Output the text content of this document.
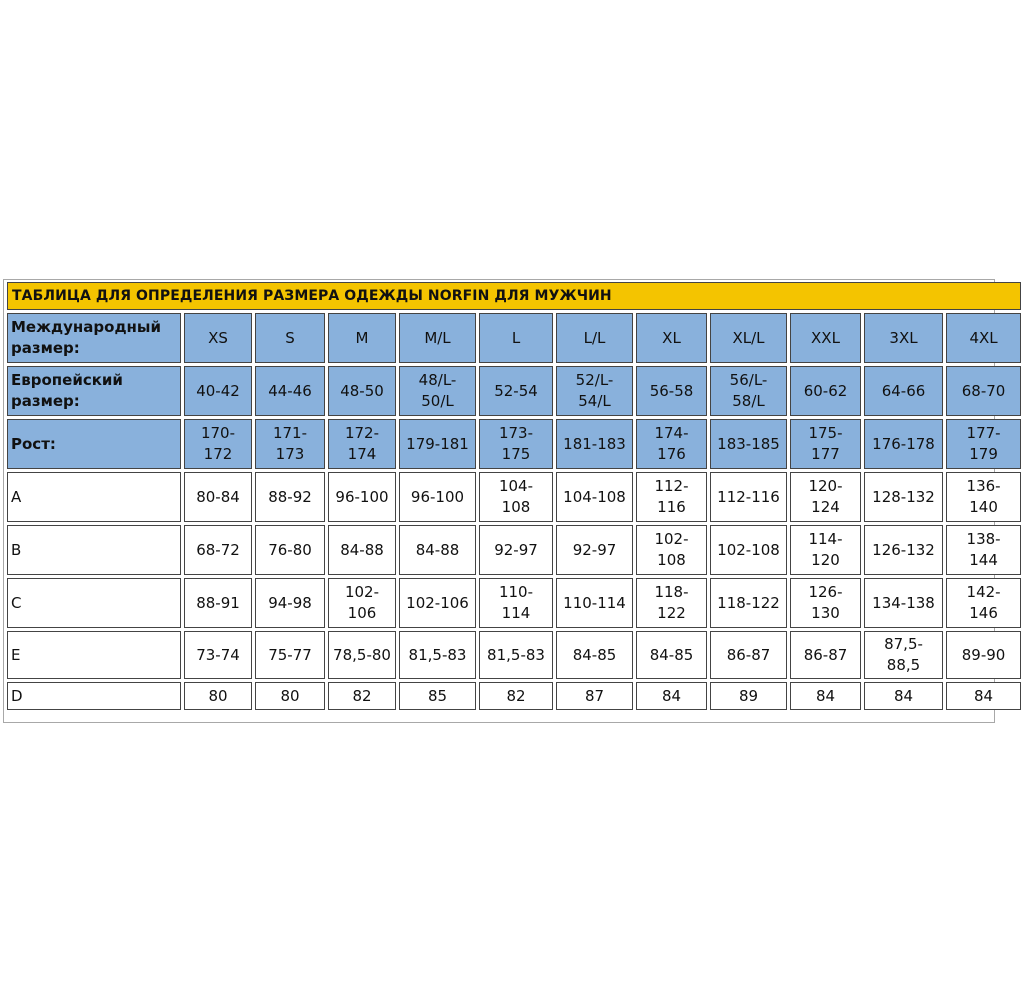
ТАБЛИЦА ДЛЯ ОПРЕДЕЛЕНИЯ РАЗМЕРА ОДЕЖДЫ NORFIN ДЛЯ МУЖЧИН											

Международный
размер:	XS	S	M	M/L	L	L/L	XL	XL/L	XXL	3XL	4XL

Европейский
размер:	40-42	44-46	48-50	48/L-
50/L	52-54	52/L-
54/L	56-58	56/L-
58/L	60-62	64-66	68-70

Рост:	170-
172	171-
173	172-
174	179-181	173-
175	181-183	174-
176	183-185	175-
177	176-178	177-
179

A	80-84	88-92	96-100	96-100	104-
108	104-108	112-
116	112-116	120-
124	128-132	136-
140

B	68-72	76-80	84-88	84-88	92-97	92-97	102-
108	102-108	114-
120	126-132	138-
144

C	88-91	94-98	102-
106	102-106	110-
114	110-114	118-
122	118-122	126-
130	134-138	142-
146

E	73-74	75-77	78,5-80	81,5-83	81,5-83	84-85	84-85	86-87	86-87	87,5-
88,5	89-90

D	80	80	82	85	82	87	84	89	84	84	84
